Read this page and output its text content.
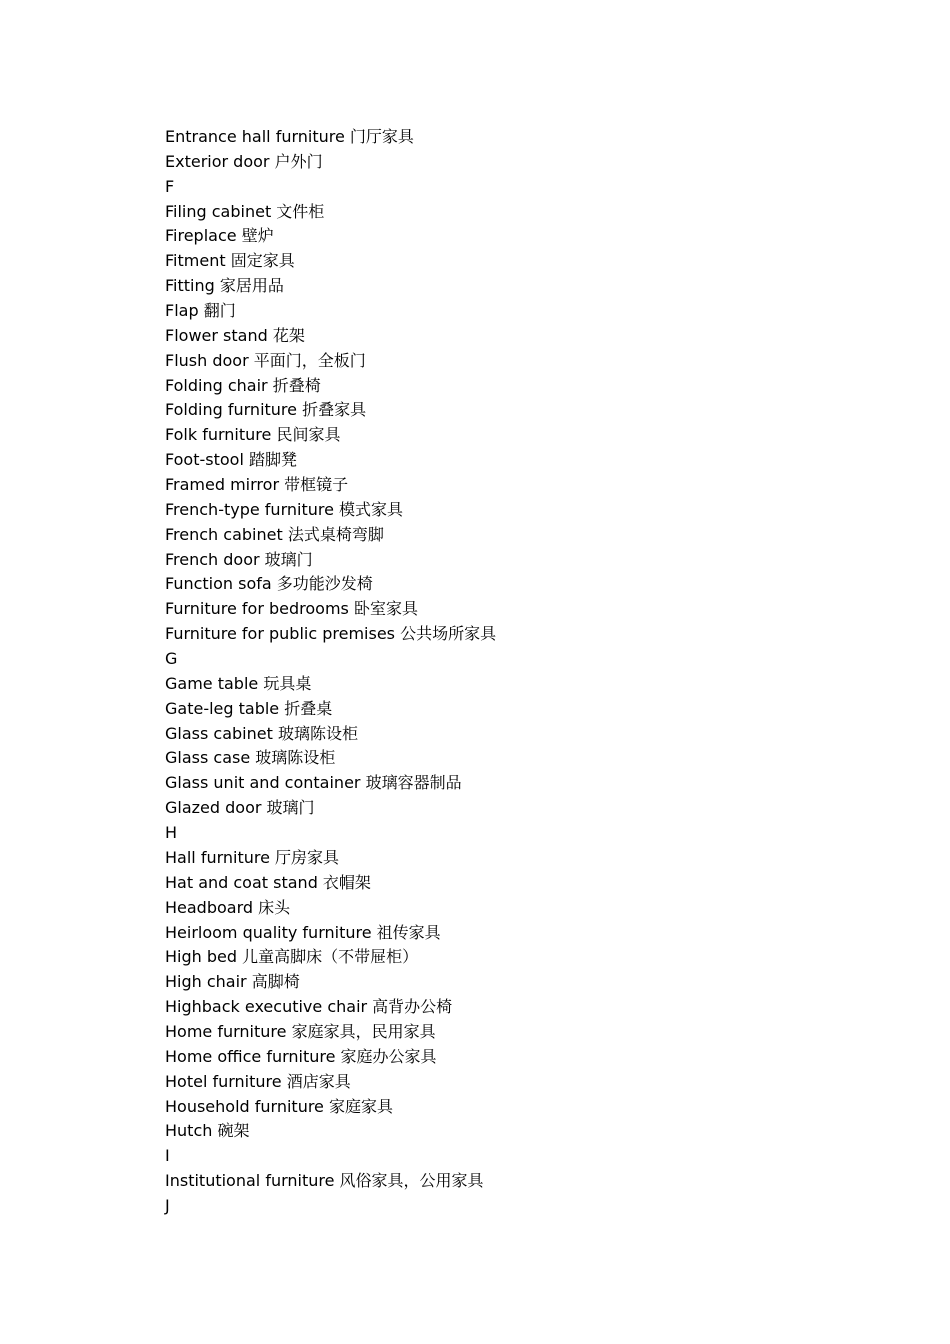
Entrance hall furniture 门厅家具
Exterior door 户外门
F
Filing cabinet 文件柜
Fireplace 壁炉
Fitment 固定家具
Fitting 家居用品
Flap 翻门
Flower stand 花架
Flush door 平面门，全板门
Folding chair 折叠椅
Folding furniture 折叠家具
Folk furniture 民间家具
Foot-stool 踏脚凳
Framed mirror 带框镜子
French-type furniture 模式家具
French cabinet 法式桌椅弯脚
French door 玻璃门
Function sofa 多功能沙发椅
Furniture for bedrooms 卧室家具
Furniture for public premises 公共场所家具
G
Game table 玩具桌
Gate-leg table 折叠桌
Glass cabinet 玻璃陈设柜
Glass case 玻璃陈设柜
Glass unit and container 玻璃容器制品
Glazed door 玻璃门
H
Hall furniture 厅房家具
Hat and coat stand 衣帽架
Headboard 床头
Heirloom quality furniture 祖传家具
High bed 儿童高脚床（不带屉柜）
High chair 高脚椅
Highback executive chair 高背办公椅
Home furniture 家庭家具，民用家具
Home office furniture 家庭办公家具
Hotel furniture 酒店家具
Household furniture 家庭家具
Hutch 碗架
I
Institutional furniture 风俗家具，公用家具
J
